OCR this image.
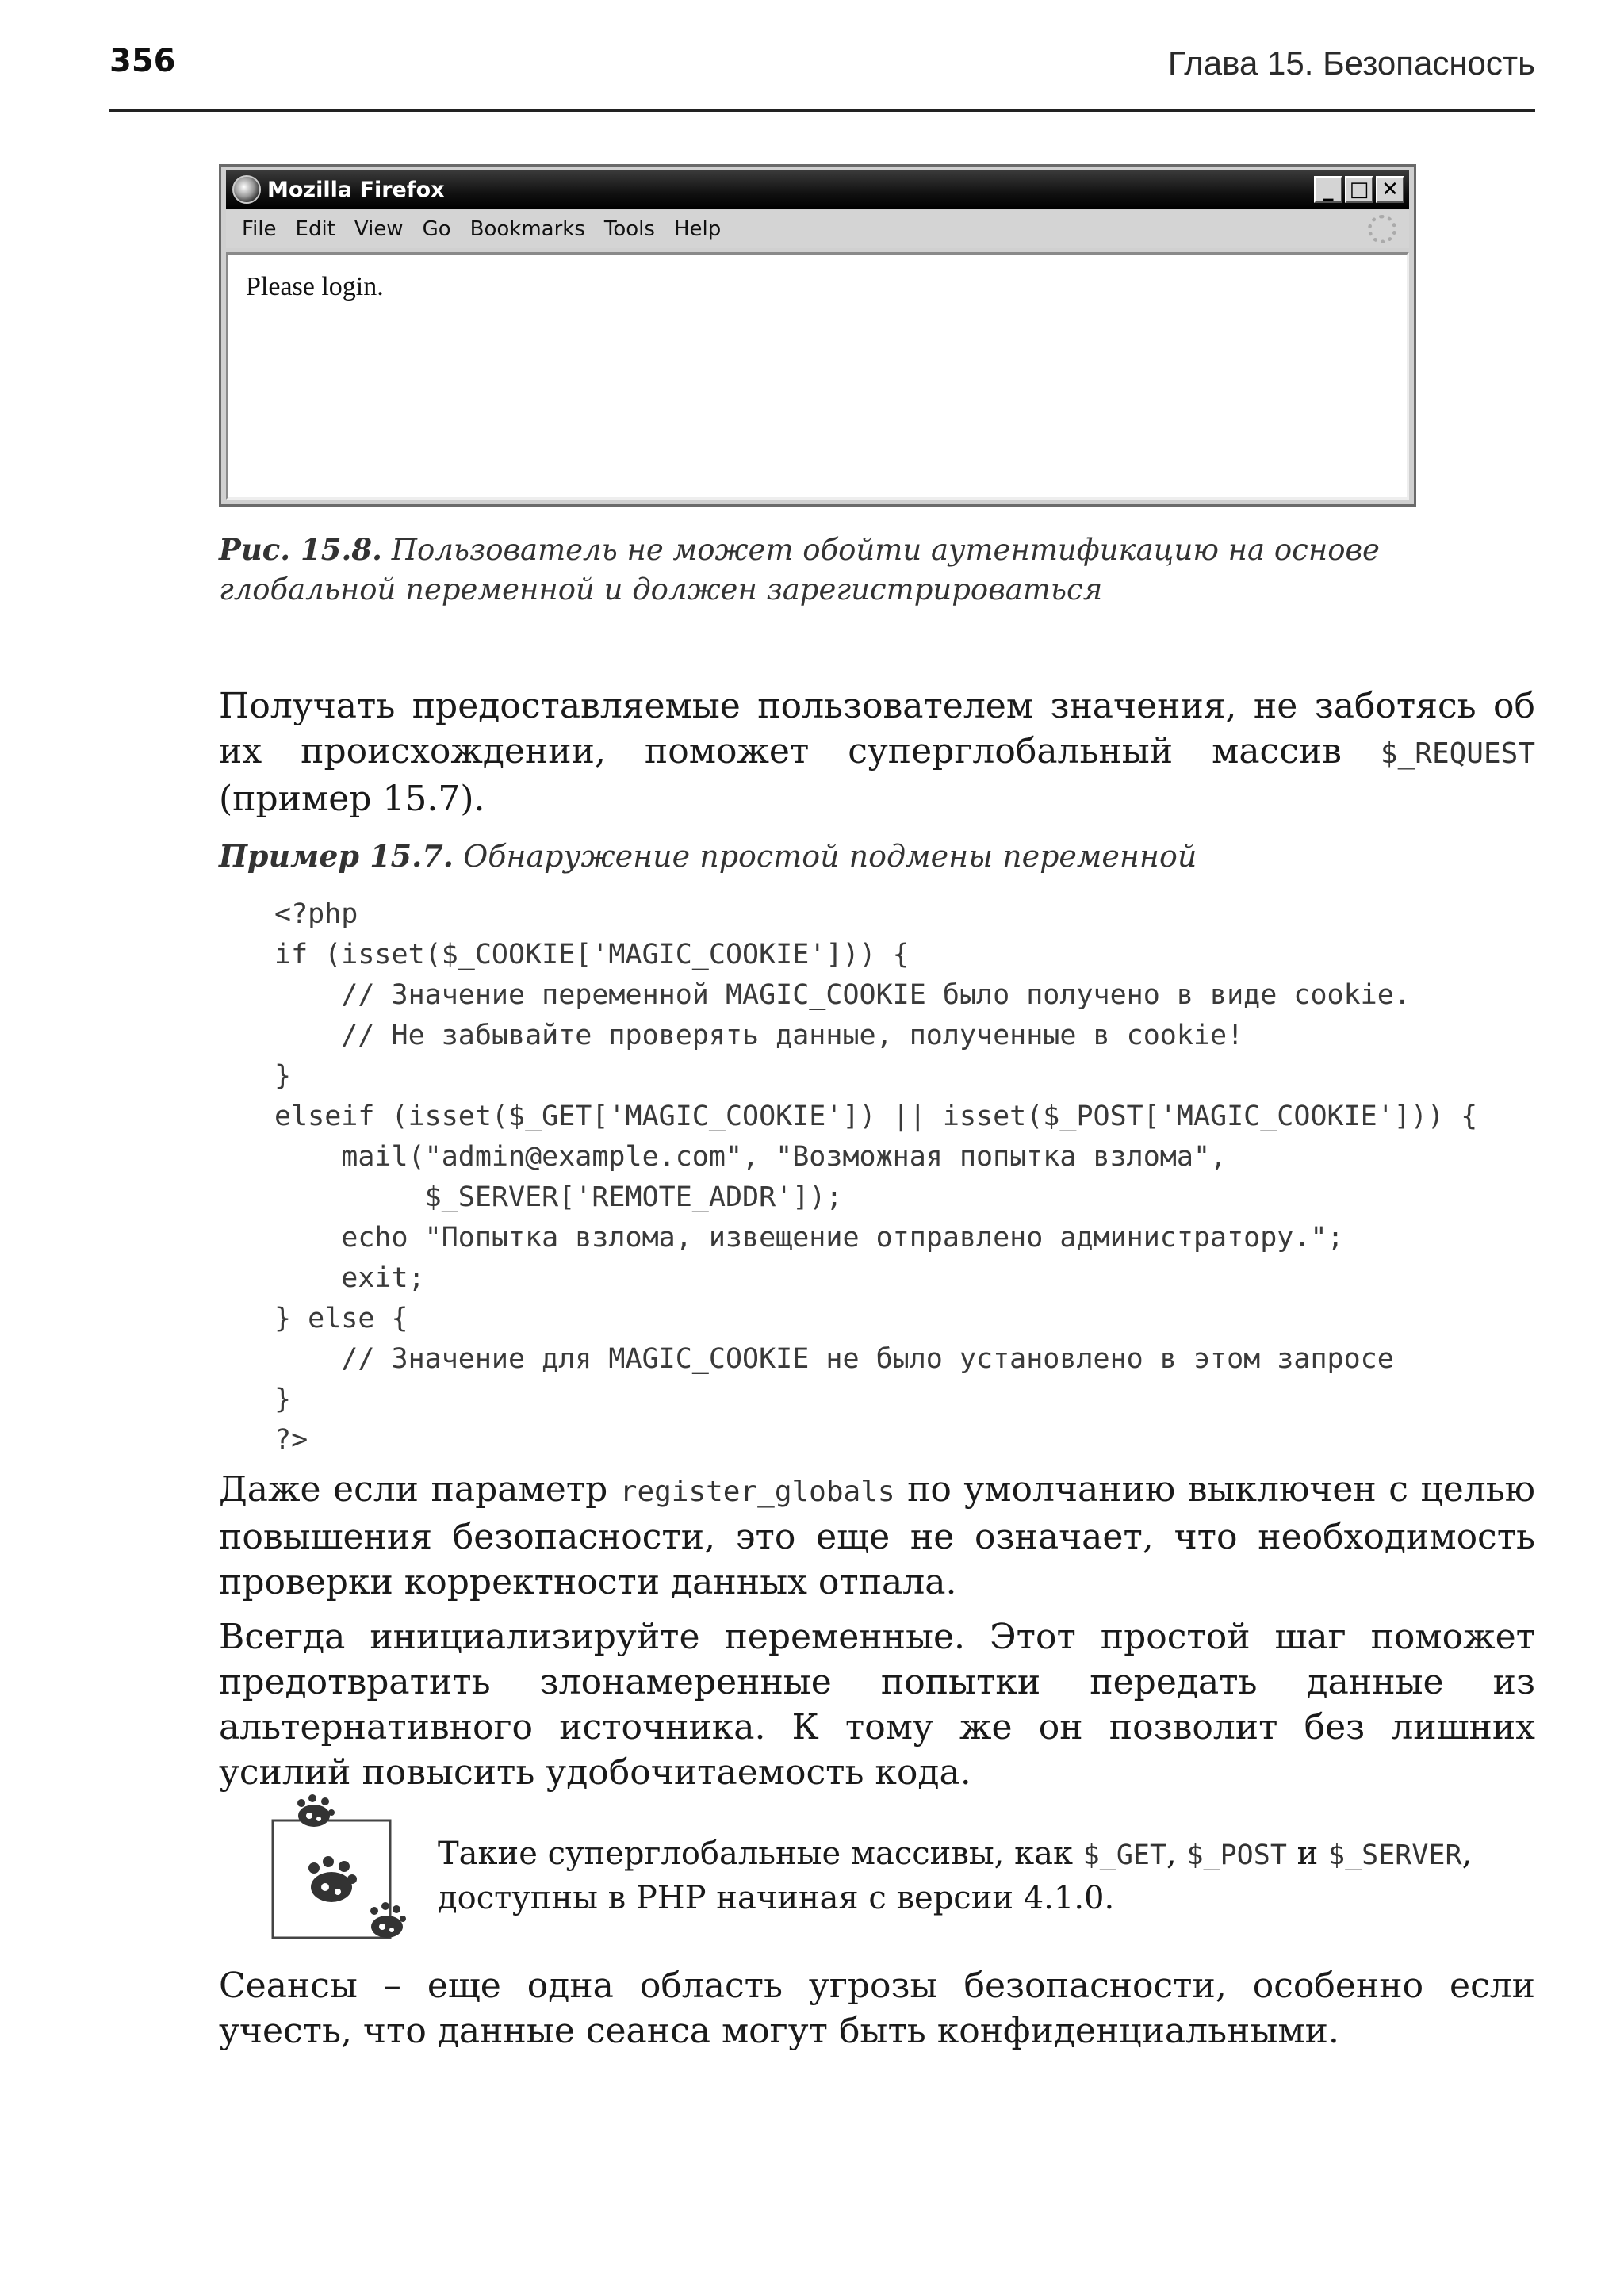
356	Глава 15. Безопасность
Mozilla Firefox	_ □ ✕
File Edit View Go Bookmarks Tools Help
Please login.
Рис. 15.8. Пользователь не может обойти аутентификацию на основе
глобальной переменной и должен зарегистрироваться
Получать предоставляемые пользователем значения, не заботясь об их происхождении, поможет суперглобальный массив $_REQUEST (пример 15.7).
Пример 15.7. Обнаружение простой подмены переменной
<?php
if (isset($_COOKIE['MAGIC_COOKIE'])) {
// Значение переменной MAGIC_COOKIE было получено в виде cookie.
// Не забывайте проверять данные, полученные в cookie!
}
elseif (isset($_GET['MAGIC_COOKIE']) || isset($_POST['MAGIC_COOKIE'])) {
mail("admin@example.com", "Возможная попытка взлома",
$_SERVER['REMOTE_ADDR']);
echo "Попытка взлома, извещение отправлено администратору.";
exit;
} else {
// Значение для MAGIC_COOKIE не было установлено в этом запросе
}
?>
Даже если параметр register_globals по умолчанию выключен с целью повышения безопасности, это еще не означает, что необходимость проверки корректности данных отпала.
Всегда инициализируйте переменные. Этот простой шаг поможет предотвратить злонамеренные попытки передать данные из альтернативного источника. К тому же он позволит без лишних усилий повысить удобочитаемость кода.
Такие суперглобальные массивы, как $_GET, $_POST и $_SERVER,
доступны в PHP начиная с версии 4.1.0.
Сеансы – еще одна область угрозы безопасности, особенно если учесть, что данные сеанса могут быть конфиденциальными.
